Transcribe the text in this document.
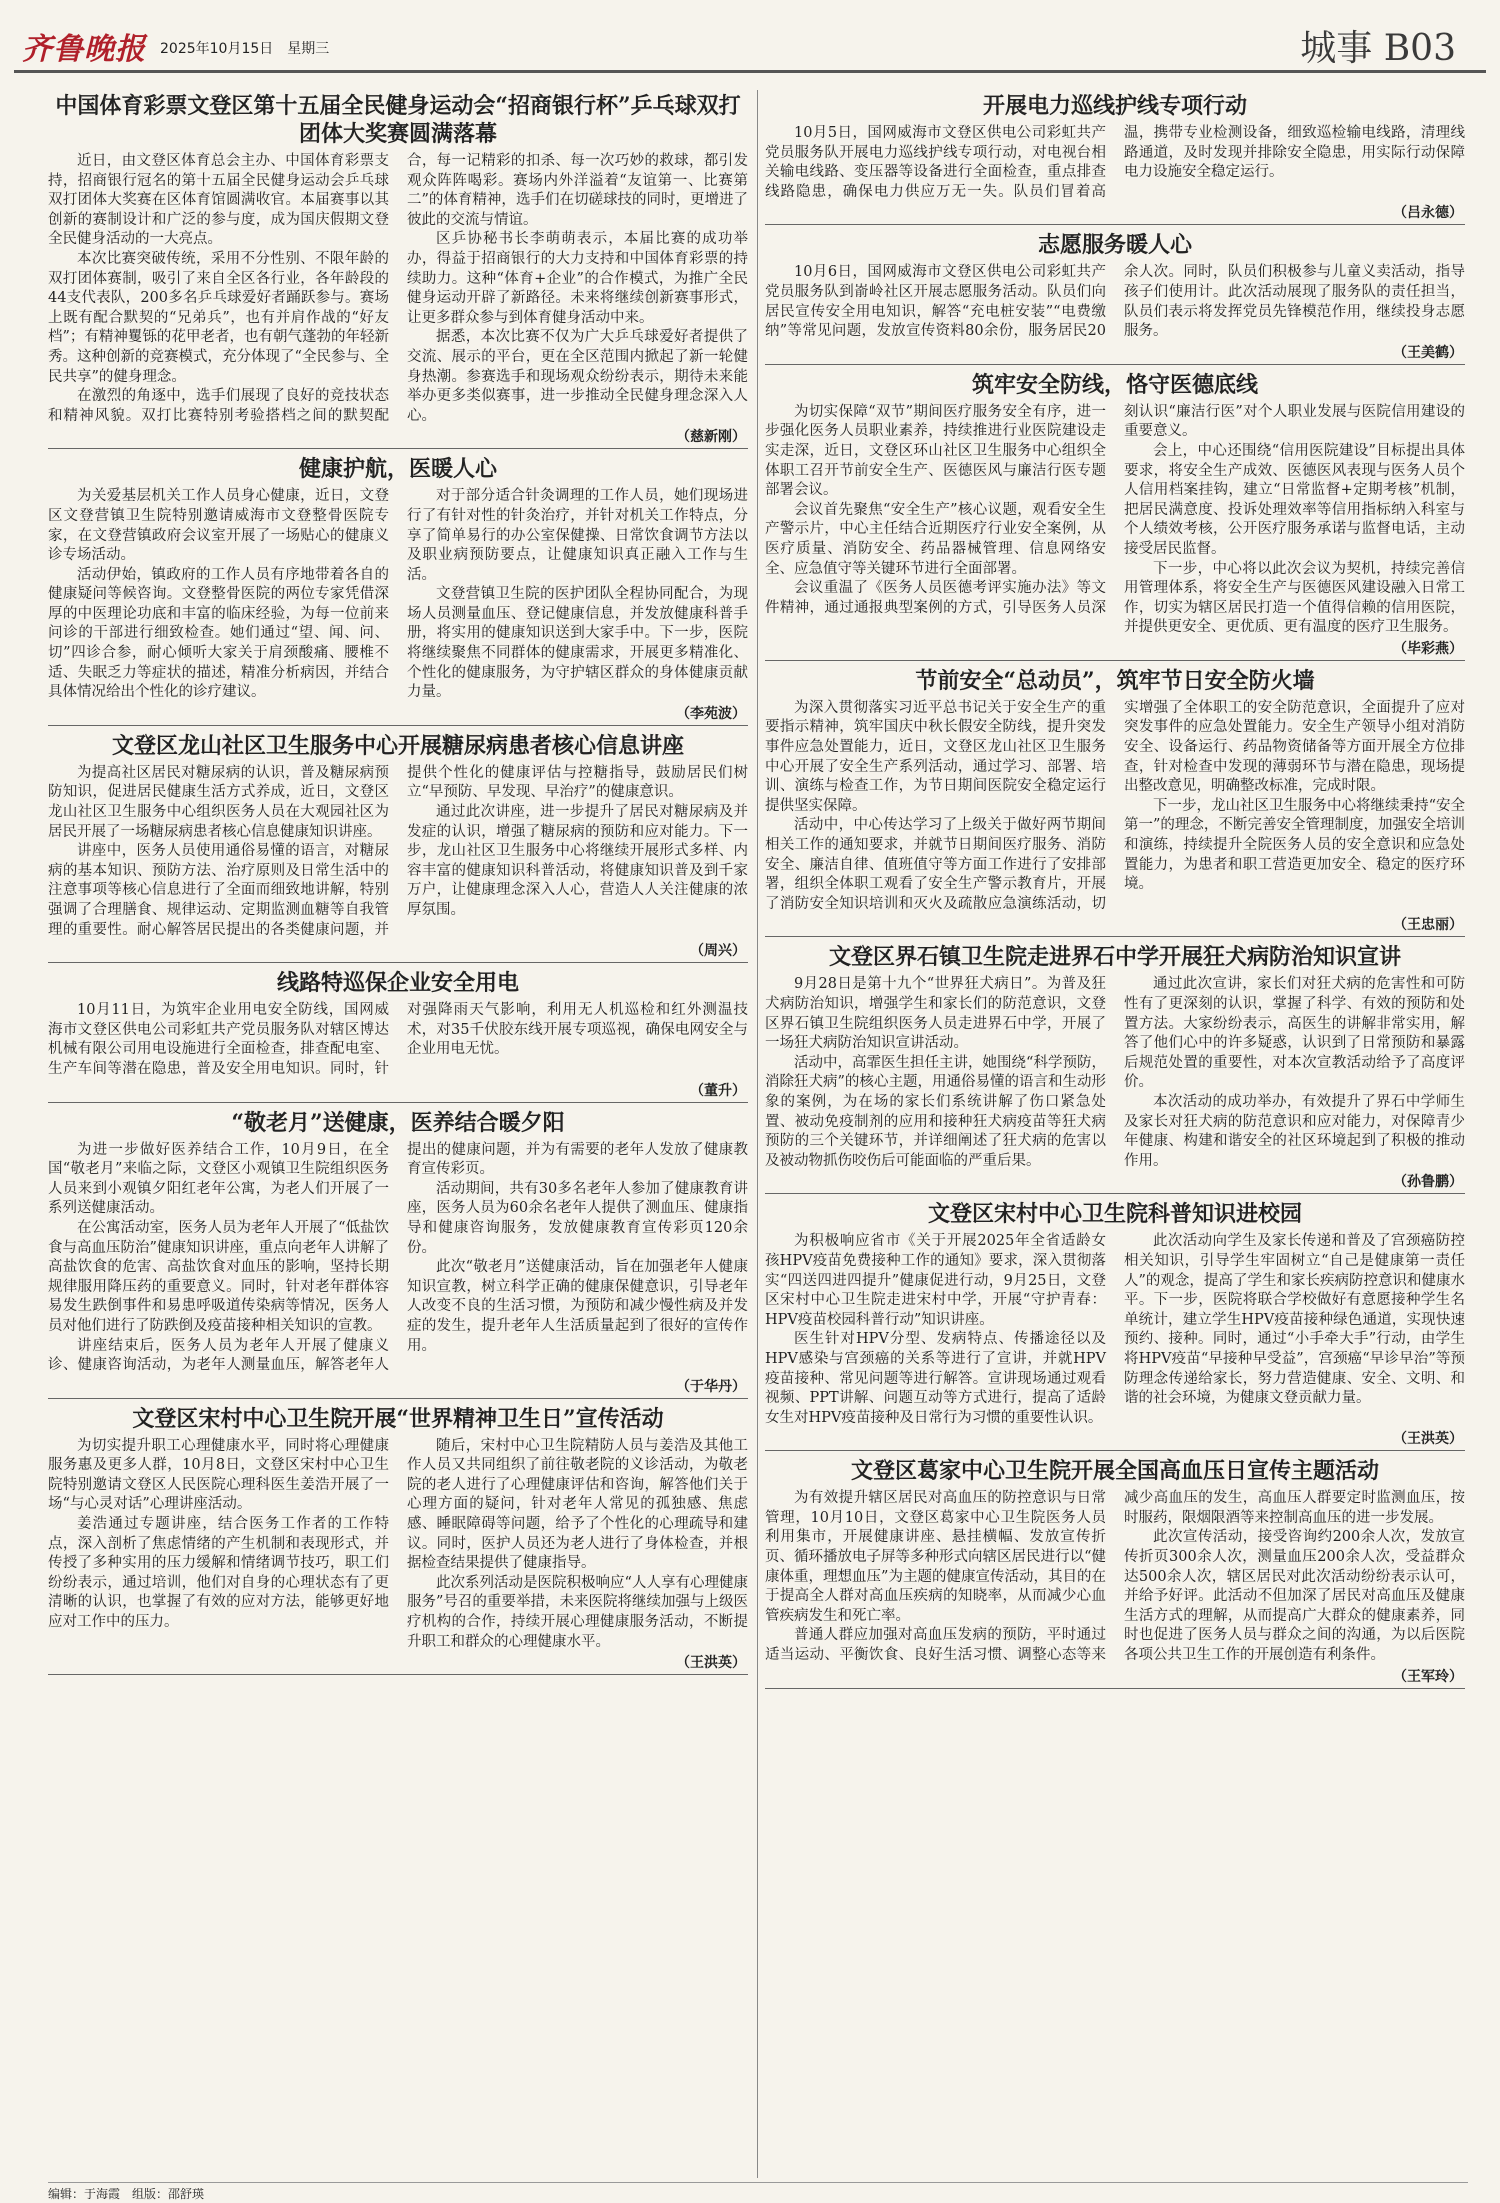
齐鲁晚报 2025年10月15日　星期三	城事 B03
中国体育彩票文登区第十五届全民健身运动会“招商银行杯”乒乓球双打团体大奖赛圆满落幕

近日，由文登区体育总会主办、中国体育彩票支持，招商银行冠名的第十五届全民健身运动会乒乓球双打团体大奖赛在区体育馆圆满收官。本届赛事以其创新的赛制设计和广泛的参与度，成为国庆假期文登全民健身活动的一大亮点。

本次比赛突破传统，采用不分性别、不限年龄的双打团体赛制，吸引了来自全区各行业，各年龄段的44支代表队，200多名乒乓球爱好者踊跃参与。赛场上既有配合默契的“兄弟兵”，也有并肩作战的“好友档”；有精神矍铄的花甲老者，也有朝气蓬勃的年轻新秀。这种创新的竞赛模式，充分体现了“全民参与、全民共享”的健身理念。

在激烈的角逐中，选手们展现了良好的竞技状态和精神风貌。双打比赛特别考验搭档之间的默契配合，每一记精彩的扣杀、每一次巧妙的救球，都引发观众阵阵喝彩。赛场内外洋溢着“友谊第一、比赛第二”的体育精神，选手们在切磋球技的同时，更增进了彼此的交流与情谊。

区乒协秘书长李萌萌表示，本届比赛的成功举办，得益于招商银行的大力支持和中国体育彩票的持续助力。这种“体育+企业”的合作模式，为推广全民健身运动开辟了新路径。未来将继续创新赛事形式，让更多群众参与到体育健身活动中来。

据悉，本次比赛不仅为广大乒乓球爱好者提供了交流、展示的平台，更在全区范围内掀起了新一轮健身热潮。参赛选手和现场观众纷纷表示，期待未来能举办更多类似赛事，进一步推动全民健身理念深入人心。

（慈新刚）
健康护航，医暖人心

为关爱基层机关工作人员身心健康，近日，文登区文登营镇卫生院特别邀请威海市文登整骨医院专家，在文登营镇政府会议室开展了一场贴心的健康义诊专场活动。

活动伊始，镇政府的工作人员有序地带着各自的健康疑问等候咨询。文登整骨医院的两位专家凭借深厚的中医理论功底和丰富的临床经验，为每一位前来问诊的干部进行细致检查。她们通过“望、闻、问、切”四诊合参，耐心倾听大家关于肩颈酸痛、腰椎不适、失眠乏力等症状的描述，精准分析病因，并结合具体情况给出个性化的诊疗建议。

对于部分适合针灸调理的工作人员，她们现场进行了有针对性的针灸治疗，并针对机关工作特点，分享了简单易行的办公室保健操、日常饮食调节方法以及职业病预防要点，让健康知识真正融入工作与生活。

文登营镇卫生院的医护团队全程协同配合，为现场人员测量血压、登记健康信息，并发放健康科普手册，将实用的健康知识送到大家手中。下一步，医院将继续聚焦不同群体的健康需求，开展更多精准化、个性化的健康服务，为守护辖区群众的身体健康贡献力量。

（李苑波）
文登区龙山社区卫生服务中心开展糖尿病患者核心信息讲座

为提高社区居民对糖尿病的认识，普及糖尿病预防知识，促进居民健康生活方式养成，近日，文登区龙山社区卫生服务中心组织医务人员在大观园社区为居民开展了一场糖尿病患者核心信息健康知识讲座。

讲座中，医务人员使用通俗易懂的语言，对糖尿病的基本知识、预防方法、治疗原则及日常生活中的注意事项等核心信息进行了全面而细致地讲解，特别强调了合理膳食、规律运动、定期监测血糖等自我管理的重要性。耐心解答居民提出的各类健康问题，并提供个性化的健康评估与控糖指导，鼓励居民们树立“早预防、早发现、早治疗”的健康意识。

通过此次讲座，进一步提升了居民对糖尿病及并发症的认识，增强了糖尿病的预防和应对能力。下一步，龙山社区卫生服务中心将继续开展形式多样、内容丰富的健康知识科普活动，将健康知识普及到千家万户，让健康理念深入人心，营造人人关注健康的浓厚氛围。

（周兴）
线路特巡保企业安全用电

10月11日，为筑牢企业用电安全防线，国网威海市文登区供电公司彩虹共产党员服务队对辖区博达机械有限公司用电设施进行全面检查，排查配电室、生产车间等潜在隐患，普及安全用电知识。同时，针对强降雨天气影响，利用无人机巡检和红外测温技术，对35千伏胶东线开展专项巡视，确保电网安全与企业用电无忧。

（董升）
“敬老月”送健康，医养结合暖夕阳

为进一步做好医养结合工作，10月9日，在全国“敬老月”来临之际，文登区小观镇卫生院组织医务人员来到小观镇夕阳红老年公寓，为老人们开展了一系列送健康活动。

在公寓活动室，医务人员为老年人开展了“低盐饮食与高血压防治”健康知识讲座，重点向老年人讲解了高盐饮食的危害、高盐饮食对血压的影响，坚持长期规律服用降压药的重要意义。同时，针对老年群体容易发生跌倒事件和易患呼吸道传染病等情况，医务人员对他们进行了防跌倒及疫苗接种相关知识的宣教。

讲座结束后，医务人员为老年人开展了健康义诊、健康咨询活动，为老年人测量血压，解答老年人提出的健康问题，并为有需要的老年人发放了健康教育宣传彩页。

活动期间，共有30多名老年人参加了健康教育讲座，医务人员为60余名老年人提供了测血压、健康指导和健康咨询服务，发放健康教育宣传彩页120余份。

此次“敬老月”送健康活动，旨在加强老年人健康知识宣教，树立科学正确的健康保健意识，引导老年人改变不良的生活习惯，为预防和减少慢性病及并发症的发生，提升老年人生活质量起到了很好的宣传作用。

（于华丹）
文登区宋村中心卫生院开展“世界精神卫生日”宣传活动

为切实提升职工心理健康水平，同时将心理健康服务惠及更多人群，10月8日，文登区宋村中心卫生院特别邀请文登区人民医院心理科医生姜浩开展了一场“与心灵对话”心理讲座活动。

姜浩通过专题讲座，结合医务工作者的工作特点，深入剖析了焦虑情绪的产生机制和表现形式，并传授了多种实用的压力缓解和情绪调节技巧，职工们纷纷表示，通过培训，他们对自身的心理状态有了更清晰的认识，也掌握了有效的应对方法，能够更好地应对工作中的压力。

随后，宋村中心卫生院精防人员与姜浩及其他工作人员又共同组织了前往敬老院的义诊活动，为敬老院的老人进行了心理健康评估和咨询，解答他们关于心理方面的疑问，针对老年人常见的孤独感、焦虑感、睡眠障碍等问题，给予了个性化的心理疏导和建议。同时，医护人员还为老人进行了身体检查，并根据检查结果提供了健康指导。

此次系列活动是医院积极响应“人人享有心理健康服务”号召的重要举措，未来医院将继续加强与上级医疗机构的合作，持续开展心理健康服务活动，不断提升职工和群众的心理健康水平。

（王洪英）
开展电力巡线护线专项行动

10月5日，国网威海市文登区供电公司彩虹共产党员服务队开展电力巡线护线专项行动，对电视台相关输电线路、变压器等设备进行全面检查，重点排查线路隐患，确保电力供应万无一失。队员们冒着高温，携带专业检测设备，细致巡检输电线路，清理线路通道，及时发现并排除安全隐患，用实际行动保障电力设施安全稳定运行。

（吕永德）
志愿服务暖人心

10月6日，国网威海市文登区供电公司彩虹共产党员服务队到嵛岭社区开展志愿服务活动。队员们向居民宣传安全用电知识，解答“充电桩安装”“电费缴纳”等常见问题，发放宣传资料80余份，服务居民20余人次。同时，队员们积极参与儿童义卖活动，指导孩子们使用计。此次活动展现了服务队的责任担当，队员们表示将发挥党员先锋模范作用，继续投身志愿服务。

（王美鹤）
筑牢安全防线，恪守医德底线

为切实保障“双节”期间医疗服务安全有序，进一步强化医务人员职业素养，持续推进行业医院建设走实走深，近日，文登区环山社区卫生服务中心组织全体职工召开节前安全生产、医德医风与廉洁行医专题部署会议。

会议首先聚焦“安全生产”核心议题，观看安全生产警示片，中心主任结合近期医疗行业安全案例，从医疗质量、消防安全、药品器械管理、信息网络安全、应急值守等关键环节进行全面部署。

会议重温了《医务人员医德考评实施办法》等文件精神，通过通报典型案例的方式，引导医务人员深刻认识“廉洁行医”对个人职业发展与医院信用建设的重要意义。

会上，中心还围绕“信用医院建设”目标提出具体要求，将安全生产成效、医德医风表现与医务人员个人信用档案挂钩，建立“日常监督+定期考核”机制，把居民满意度、投诉处理效率等信用指标纳入科室与个人绩效考核，公开医疗服务承诺与监督电话，主动接受居民监督。

下一步，中心将以此次会议为契机，持续完善信用管理体系，将安全生产与医德医风建设融入日常工作，切实为辖区居民打造一个值得信赖的信用医院，并提供更安全、更优质、更有温度的医疗卫生服务。

（毕彩燕）
节前安全“总动员”，筑牢节日安全防火墙

为深入贯彻落实习近平总书记关于安全生产的重要指示精神，筑牢国庆中秋长假安全防线，提升突发事件应急处置能力，近日，文登区龙山社区卫生服务中心开展了安全生产系列活动，通过学习、部署、培训、演练与检查工作，为节日期间医院安全稳定运行提供坚实保障。

活动中，中心传达学习了上级关于做好两节期间相关工作的通知要求，并就节日期间医疗服务、消防安全、廉洁自律、值班值守等方面工作进行了安排部署，组织全体职工观看了安全生产警示教育片，开展了消防安全知识培训和灭火及疏散应急演练活动，切实增强了全体职工的安全防范意识，全面提升了应对突发事件的应急处置能力。安全生产领导小组对消防安全、设备运行、药品物资储备等方面开展全方位排查，针对检查中发现的薄弱环节与潜在隐患，现场提出整改意见，明确整改标准，完成时限。

下一步，龙山社区卫生服务中心将继续秉持“安全第一”的理念，不断完善安全管理制度，加强安全培训和演练，持续提升全院医务人员的安全意识和应急处置能力，为患者和职工营造更加安全、稳定的医疗环境。

（王忠丽）
文登区界石镇卫生院走进界石中学开展狂犬病防治知识宣讲

9月28日是第十九个“世界狂犬病日”。为普及狂犬病防治知识，增强学生和家长们的防范意识，文登区界石镇卫生院组织医务人员走进界石中学，开展了一场狂犬病防治知识宣讲活动。

活动中，高霏医生担任主讲，她围绕“科学预防，消除狂犬病”的核心主题，用通俗易懂的语言和生动形象的案例，为在场的家长们系统讲解了伤口紧急处置、被动免疫制剂的应用和接种狂犬病疫苗等狂犬病预防的三个关键环节，并详细阐述了狂犬病的危害以及被动物抓伤咬伤后可能面临的严重后果。

通过此次宣讲，家长们对狂犬病的危害性和可防性有了更深刻的认识，掌握了科学、有效的预防和处置方法。大家纷纷表示，高医生的讲解非常实用，解答了他们心中的许多疑惑，认识到了日常预防和暴露后规范处置的重要性，对本次宣教活动给予了高度评价。

本次活动的成功举办，有效提升了界石中学师生及家长对狂犬病的防范意识和应对能力，对保障青少年健康、构建和谐安全的社区环境起到了积极的推动作用。

（孙鲁鹏）
文登区宋村中心卫生院科普知识进校园

为积极响应省市《关于开展2025年全省适龄女孩HPV疫苗免费接种工作的通知》要求，深入贯彻落实“四送四进四提升”健康促进行动，9月25日，文登区宋村中心卫生院走进宋村中学，开展“守护青春：HPV疫苗校园科普行动”知识讲座。

医生针对HPV分型、发病特点、传播途径以及HPV感染与宫颈癌的关系等进行了宣讲，并就HPV疫苗接种、常见问题等进行解答。宣讲现场通过观看视频、PPT讲解、问题互动等方式进行，提高了适龄女生对HPV疫苗接种及日常行为习惯的重要性认识。

此次活动向学生及家长传递和普及了宫颈癌防控相关知识，引导学生牢固树立“自己是健康第一责任人”的观念，提高了学生和家长疾病防控意识和健康水平。下一步，医院将联合学校做好有意愿接种学生名单统计，建立学生HPV疫苗接种绿色通道，实现快速预约、接种。同时，通过“小手牵大手”行动，由学生将HPV疫苗“早接种早受益”，宫颈癌“早诊早治”等预防理念传递给家长，努力营造健康、安全、文明、和谐的社会环境，为健康文登贡献力量。

（王洪英）
文登区葛家中心卫生院开展全国高血压日宣传主题活动

为有效提升辖区居民对高血压的防控意识与日常管理，10月10日，文登区葛家中心卫生院医务人员利用集市，开展健康讲座、悬挂横幅、发放宣传折页、循环播放电子屏等多种形式向辖区居民进行以“健康体重，理想血压”为主题的健康宣传活动，其目的在于提高全人群对高血压疾病的知晓率，从而减少心血管疾病发生和死亡率。

普通人群应加强对高血压发病的预防，平时通过适当运动、平衡饮食、良好生活习惯、调整心态等来减少高血压的发生，高血压人群要定时监测血压，按时服药，限烟限酒等来控制高血压的进一步发展。

此次宣传活动，接受咨询约200余人次，发放宣传折页300余人次，测量血压200余人次，受益群众达500余人次，辖区居民对此次活动纷纷表示认可，并给予好评。此活动不但加深了居民对高血压及健康生活方式的理解，从而提高广大群众的健康素养，同时也促进了医务人员与群众之间的沟通，为以后医院各项公共卫生工作的开展创造有利条件。

（王军玲）
编辑：于海霞　组版：邵舒瑛
